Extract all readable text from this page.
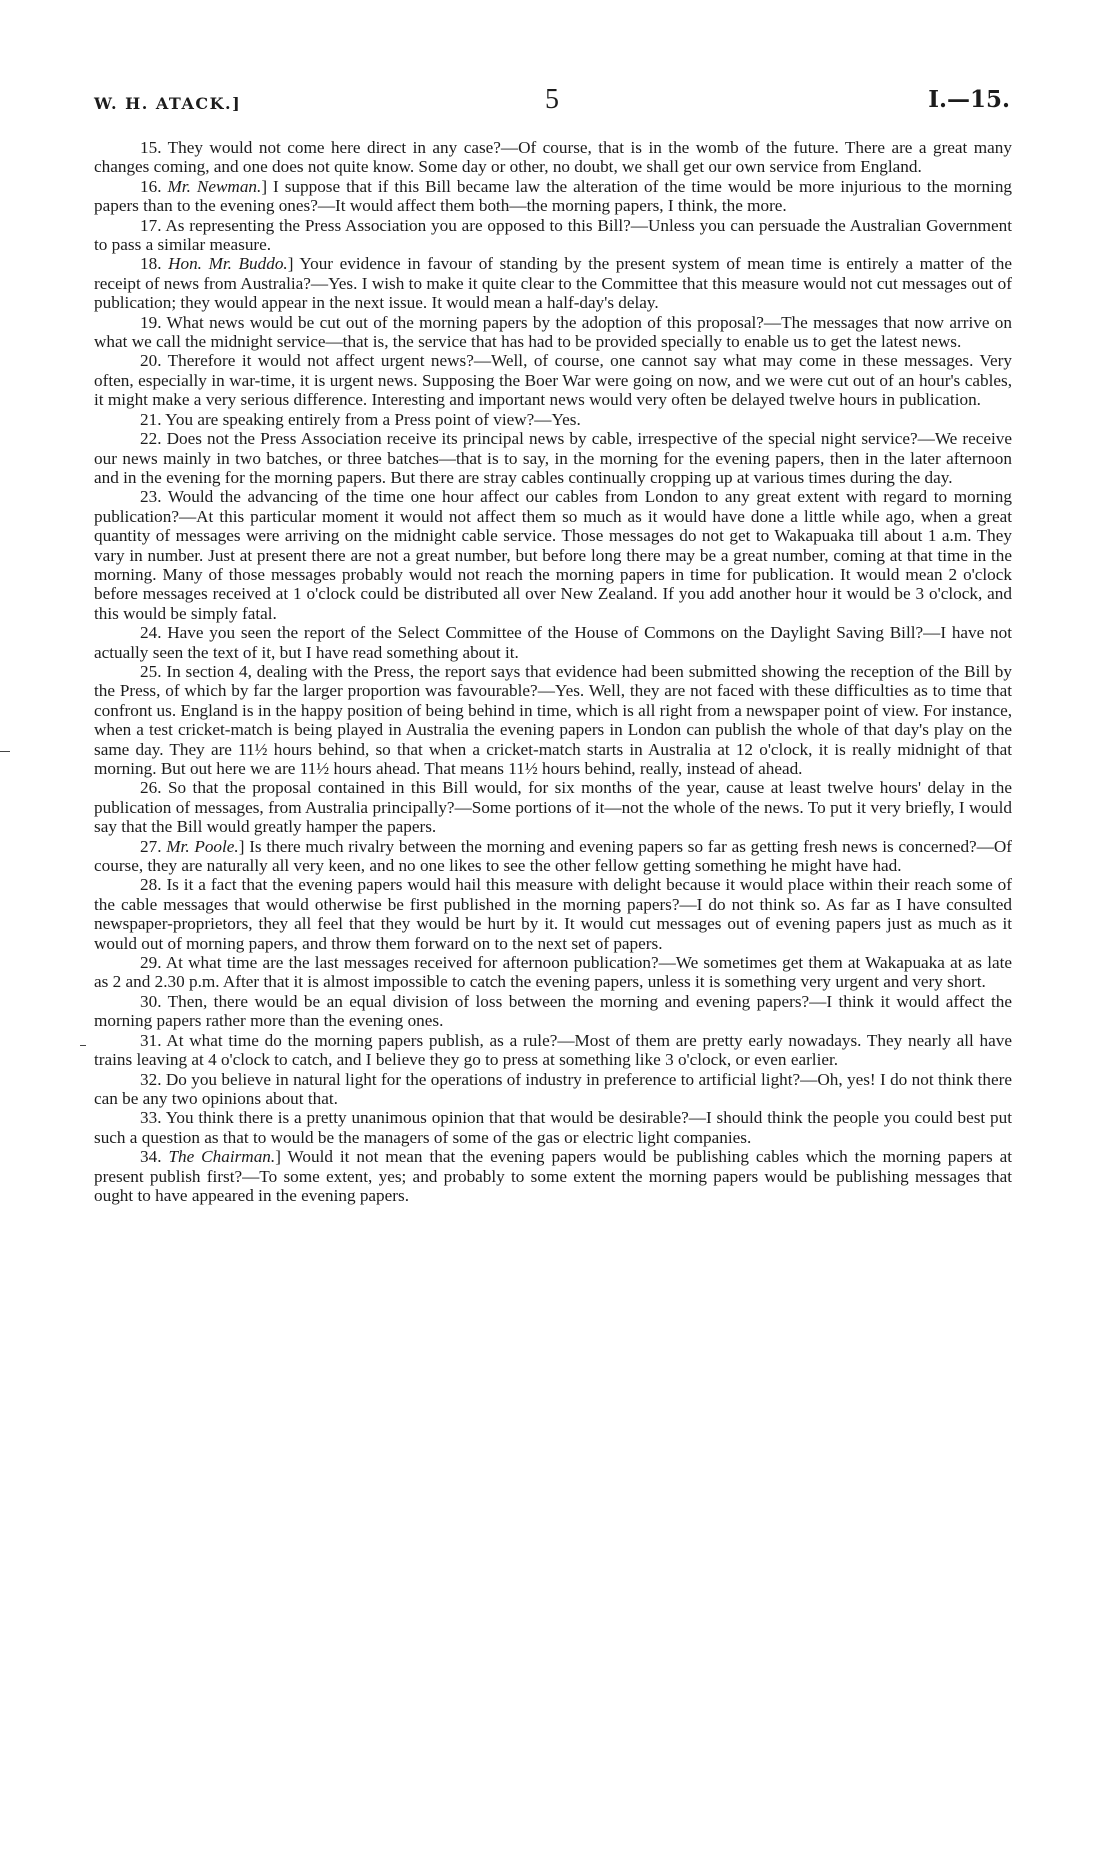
W. H. ATACK.]	5	I.—15.

15. They would not come here direct in any case?—Of course, that is in the womb of the future. There are a great many changes coming, and one does not quite know. Some day or other, no doubt, we shall get our own service from England.

16. Mr. Newman.] I suppose that if this Bill became law the alteration of the time would be more injurious to the morning papers than to the evening ones?—It would affect them both—the morning papers, I think, the more.

17. As representing the Press Association you are opposed to this Bill?—Unless you can persuade the Australian Government to pass a similar measure.

18. Hon. Mr. Buddo.] Your evidence in favour of standing by the present system of mean time is entirely a matter of the receipt of news from Australia?—Yes. I wish to make it quite clear to the Committee that this measure would not cut messages out of publication; they would appear in the next issue. It would mean a half-day's delay.

19. What news would be cut out of the morning papers by the adoption of this proposal?—The messages that now arrive on what we call the midnight service—that is, the service that has had to be provided specially to enable us to get the latest news.

20. Therefore it would not affect urgent news?—Well, of course, one cannot say what may come in these messages. Very often, especially in war-time, it is urgent news. Supposing the Boer War were going on now, and we were cut out of an hour's cables, it might make a very serious difference. Interesting and important news would very often be delayed twelve hours in publication.

21. You are speaking entirely from a Press point of view?—Yes.

22. Does not the Press Association receive its principal news by cable, irrespective of the special night service?—We receive our news mainly in two batches, or three batches—that is to say, in the morning for the evening papers, then in the later afternoon and in the evening for the morning papers. But there are stray cables continually cropping up at various times during the day.

23. Would the advancing of the time one hour affect our cables from London to any great extent with regard to morning publication?—At this particular moment it would not affect them so much as it would have done a little while ago, when a great quantity of messages were arriving on the midnight cable service. Those messages do not get to Wakapuaka till about 1 a.m. They vary in number. Just at present there are not a great number, but before long there may be a great number, coming at that time in the morning. Many of those messages probably would not reach the morning papers in time for publication. It would mean 2 o'clock before messages received at 1 o'clock could be distributed all over New Zealand. If you add another hour it would be 3 o'clock, and this would be simply fatal.

24. Have you seen the report of the Select Committee of the House of Commons on the Daylight Saving Bill?—I have not actually seen the text of it, but I have read something about it.

25. In section 4, dealing with the Press, the report says that evidence had been submitted showing the reception of the Bill by the Press, of which by far the larger proportion was favourable?—Yes. Well, they are not faced with these difficulties as to time that confront us. England is in the happy position of being behind in time, which is all right from a newspaper point of view. For instance, when a test cricket-match is being played in Australia the evening papers in London can publish the whole of that day's play on the same day. They are 11½ hours behind, so that when a cricket-match starts in Australia at 12 o'clock, it is really midnight of that morning. But out here we are 11½ hours ahead. That means 11½ hours behind, really, instead of ahead.

26. So that the proposal contained in this Bill would, for six months of the year, cause at least twelve hours' delay in the publication of messages, from Australia principally?—Some portions of it—not the whole of the news. To put it very briefly, I would say that the Bill would greatly hamper the papers.

27. Mr. Poole.] Is there much rivalry between the morning and evening papers so far as getting fresh news is concerned?—Of course, they are naturally all very keen, and no one likes to see the other fellow getting something he might have had.

28. Is it a fact that the evening papers would hail this measure with delight because it would place within their reach some of the cable messages that would otherwise be first published in the morning papers?—I do not think so. As far as I have consulted newspaper-proprietors, they all feel that they would be hurt by it. It would cut messages out of evening papers just as much as it would out of morning papers, and throw them forward on to the next set of papers.

29. At what time are the last messages received for afternoon publication?—We sometimes get them at Wakapuaka at as late as 2 and 2.30 p.m. After that it is almost impossible to catch the evening papers, unless it is something very urgent and very short.

30. Then, there would be an equal division of loss between the morning and evening papers?—I think it would affect the morning papers rather more than the evening ones.

31. At what time do the morning papers publish, as a rule?—Most of them are pretty early nowadays. They nearly all have trains leaving at 4 o'clock to catch, and I believe they go to press at something like 3 o'clock, or even earlier.

32. Do you believe in natural light for the operations of industry in preference to artificial light?—Oh, yes! I do not think there can be any two opinions about that.

33. You think there is a pretty unanimous opinion that that would be desirable?—I should think the people you could best put such a question as that to would be the managers of some of the gas or electric light companies.

34. The Chairman.] Would it not mean that the evening papers would be publishing cables which the morning papers at present publish first?—To some extent, yes; and probably to some extent the morning papers would be publishing messages that ought to have appeared in the evening papers.
